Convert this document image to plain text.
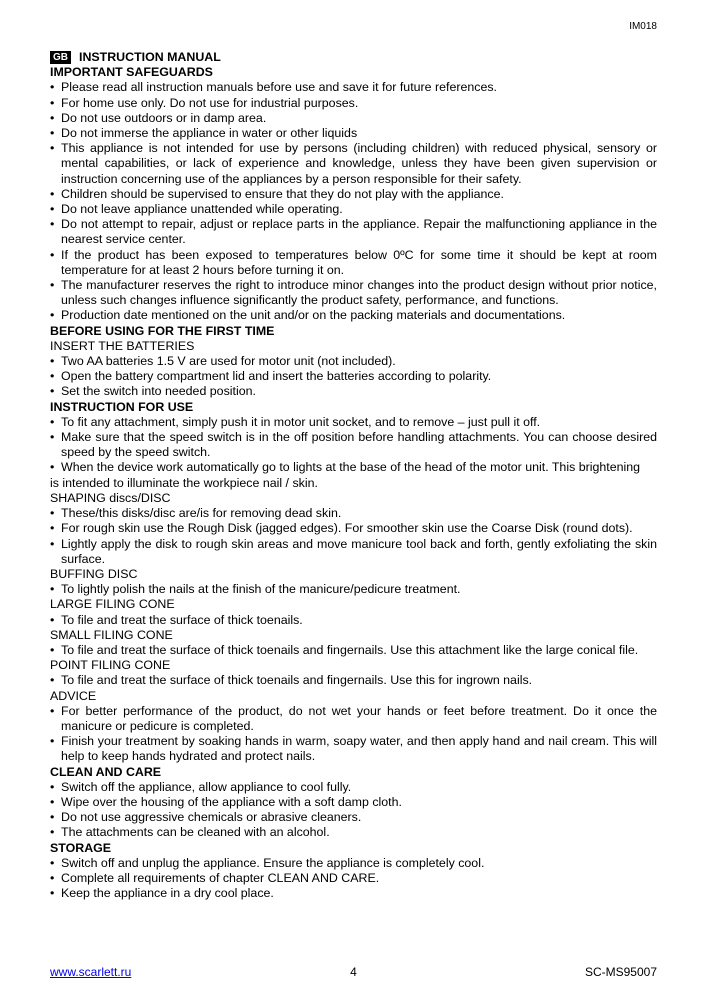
IM018
GB INSTRUCTION MANUAL
IMPORTANT SAFEGUARDS
• Please read all instruction manuals before use and save it for future references.
• For home use only. Do not use for industrial purposes.
• Do not use outdoors or in damp area.
• Do not immerse the appliance in water or other liquids
• This appliance is not intended for use by persons (including children) with reduced physical, sensory or mental capabilities, or lack of experience and knowledge, unless they have been given supervision or instruction concerning use of the appliances by a person responsible for their safety.
• Children should be supervised to ensure that they do not play with the appliance.
• Do not leave appliance unattended while operating.
• Do not attempt to repair, adjust or replace parts in the appliance. Repair the malfunctioning appliance in the nearest service center.
• If the product has been exposed to temperatures below 0ºC for some time it should be kept at room temperature for at least 2 hours before turning it on.
• The manufacturer reserves the right to introduce minor changes into the product design without prior notice, unless such changes influence significantly the product safety, performance, and functions.
• Production date mentioned on the unit and/or on the packing materials and documentations.
BEFORE USING FOR THE FIRST TIME
INSERT THE BATTERIES
• Two AA batteries 1.5 V are used for motor unit (not included).
• Open the battery compartment lid and insert the batteries according to polarity.
• Set the switch into needed position.
INSTRUCTION FOR USE
• To fit any attachment, simply push it in motor unit socket, and to remove – just pull it off.
• Make sure that the speed switch is in the off position before handling attachments. You can choose desired speed by the speed switch.
• When the device work automatically go to lights at the base of the head of the motor unit. This brightening
is intended to illuminate the workpiece nail / skin.
SHAPING discs/DISC
• These/this disks/disc are/is for removing dead skin.
• For rough skin use the Rough Disk (jagged edges). For smoother skin use the Coarse Disk (round dots).
• Lightly apply the disk to rough skin areas and move manicure tool back and forth, gently exfoliating the skin surface.
BUFFING DISC
• To lightly polish the nails at the finish of the manicure/pedicure treatment.
LARGE FILING CONE
• To file and treat the surface of thick toenails.
SMALL FILING CONE
• To file and treat the surface of thick toenails and fingernails. Use this attachment like the large conical file.
POINT FILING CONE
• To file and treat the surface of thick toenails and fingernails. Use this for ingrown nails.
ADVICE
• For better performance of the product, do not wet your hands or feet before treatment. Do it once the manicure or pedicure is completed.
• Finish your treatment by soaking hands in warm, soapy water, and then apply hand and nail cream. This will help to keep hands hydrated and protect nails.
CLEAN AND CARE
• Switch off the appliance, allow appliance to cool fully.
• Wipe over the housing of the appliance with a soft damp cloth.
• Do not use aggressive chemicals or abrasive cleaners.
• The attachments can be cleaned with an alcohol.
STORAGE
• Switch off and unplug the appliance. Ensure the appliance is completely cool.
• Complete all requirements of chapter CLEAN AND CARE.
• Keep the appliance in a dry cool place.
www.scarlett.ru	4	SC-MS95007
